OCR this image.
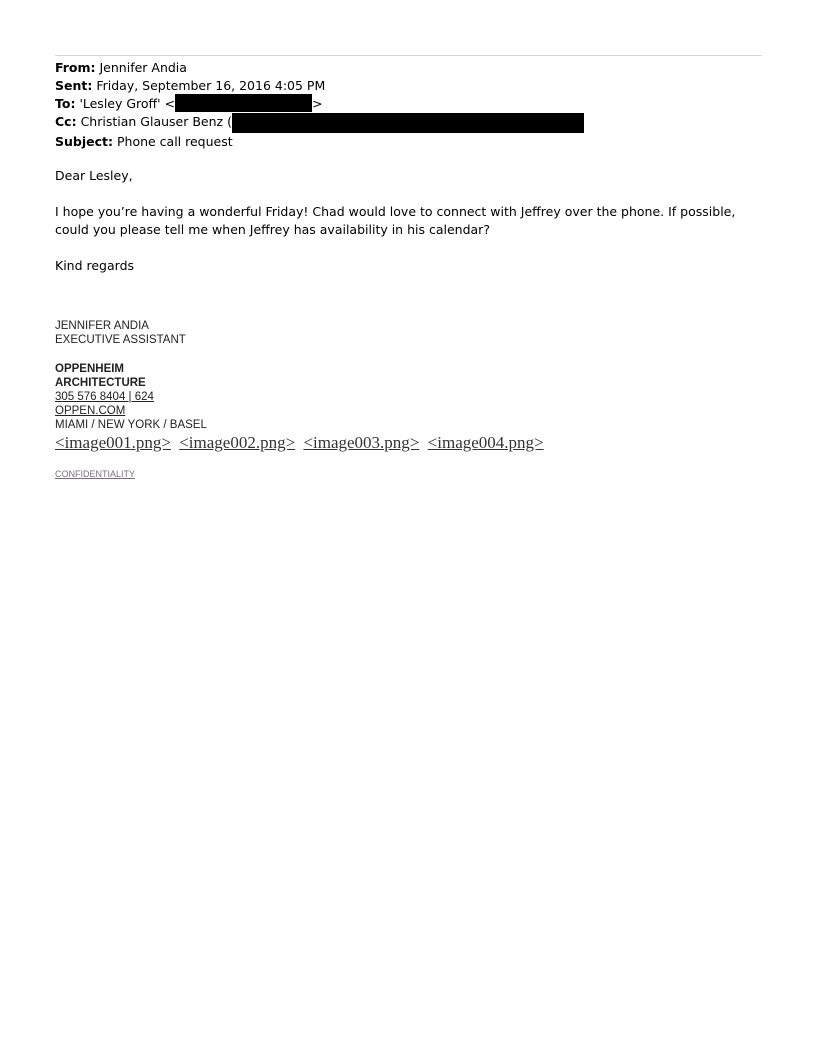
From: Jennifer Andia
Sent: Friday, September 16, 2016 4:05 PM
To: 'Lesley Groff' <	>
Cc: Christian Glauser Benz (
Subject: Phone call request
Dear Lesley,
I hope you’re having a wonderful Friday! Chad would love to connect with Jeffrey over the phone. If possible, could you please tell me when Jeffrey has availability in his calendar?
Kind regards
JENNIFER ANDIA
EXECUTIVE ASSISTANT
OPPENHEIM
ARCHITECTURE
305 576 8404 | 624
OPPEN.COM
MIAMI / NEW YORK / BASEL
<image001.png> <image002.png> <image003.png> <image004.png>
CONFIDENTIALITY
